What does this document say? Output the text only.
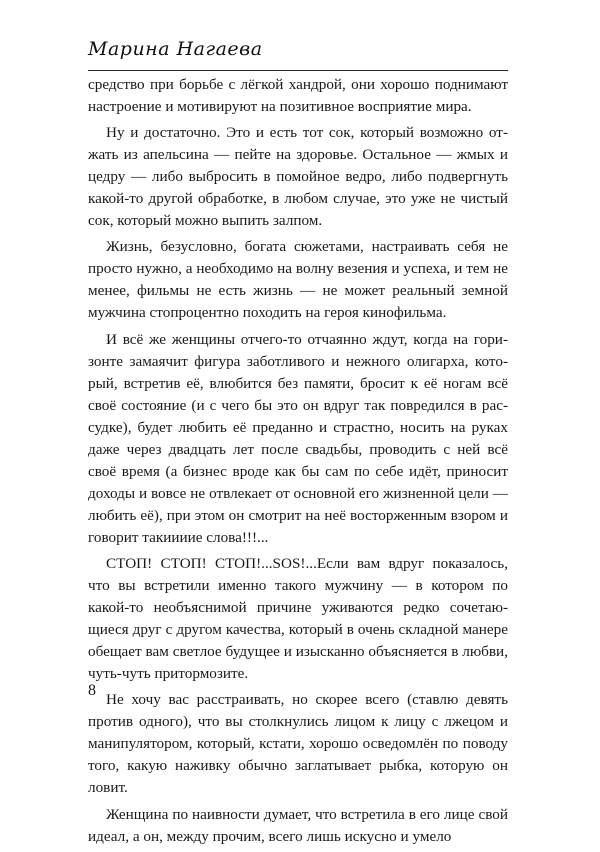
Марина Нагаева

средство при борьбе с лёгкой хандрой, они хорошо поднимают настроение и мотивируют на позитивное восприятие мира.

Ну и достаточно. Это и есть тот сок, который возможно отжать из апельсина — пейте на здоровье. Остальное — жмых и цедру — либо выбросить в помойное ведро, либо подвергнуть какой-то другой обработке, в любом случае, это уже не чистый сок, который можно выпить залпом.

Жизнь, безусловно, богата сюжетами, настраивать себя не просто нужно, а необходимо на волну везения и успеха, и тем не менее, фильмы не есть жизнь — не может реальный земной мужчина стопроцентно походить на героя кинофильма.

И всё же женщины отчего-то отчаянно ждут, когда на горизонте замаячит фигура заботливого и нежного олигарха, который, встретив её, влюбится без памяти, бросит к её ногам всё своё состояние (и с чего бы это он вдруг так повредился в рассудке), будет любить её преданно и страстно, носить на руках даже через двадцать лет после свадьбы, проводить с ней всё своё время (а бизнес вроде как бы сам по себе идёт, приносит доходы и вовсе не отвлекает от основной его жизненной цели — любить её), при этом он смотрит на неё восторженным взором и говорит такиииие слова!!!...

СТОП! СТОП! СТОП!...SOS!...Если вам вдруг показалось, что вы встретили именно такого мужчину — в котором по какой-то необъяснимой причине уживаются редко сочетающиеся друг с другом качества, который в очень складной манере обещает вам светлое будущее и изысканно объясняется в любви, чуть-чуть притормозите.

Не хочу вас расстраивать, но скорее всего (ставлю девять против одного), что вы столкнулись лицом к лицу с лжецом и манипулятором, который, кстати, хорошо осведомлён по поводу того, какую наживку обычно заглатывает рыбка, которую он ловит.

Женщина по наивности думает, что встретила в его лице свой идеал, а он, между прочим, всего лишь искусно и умело

8
